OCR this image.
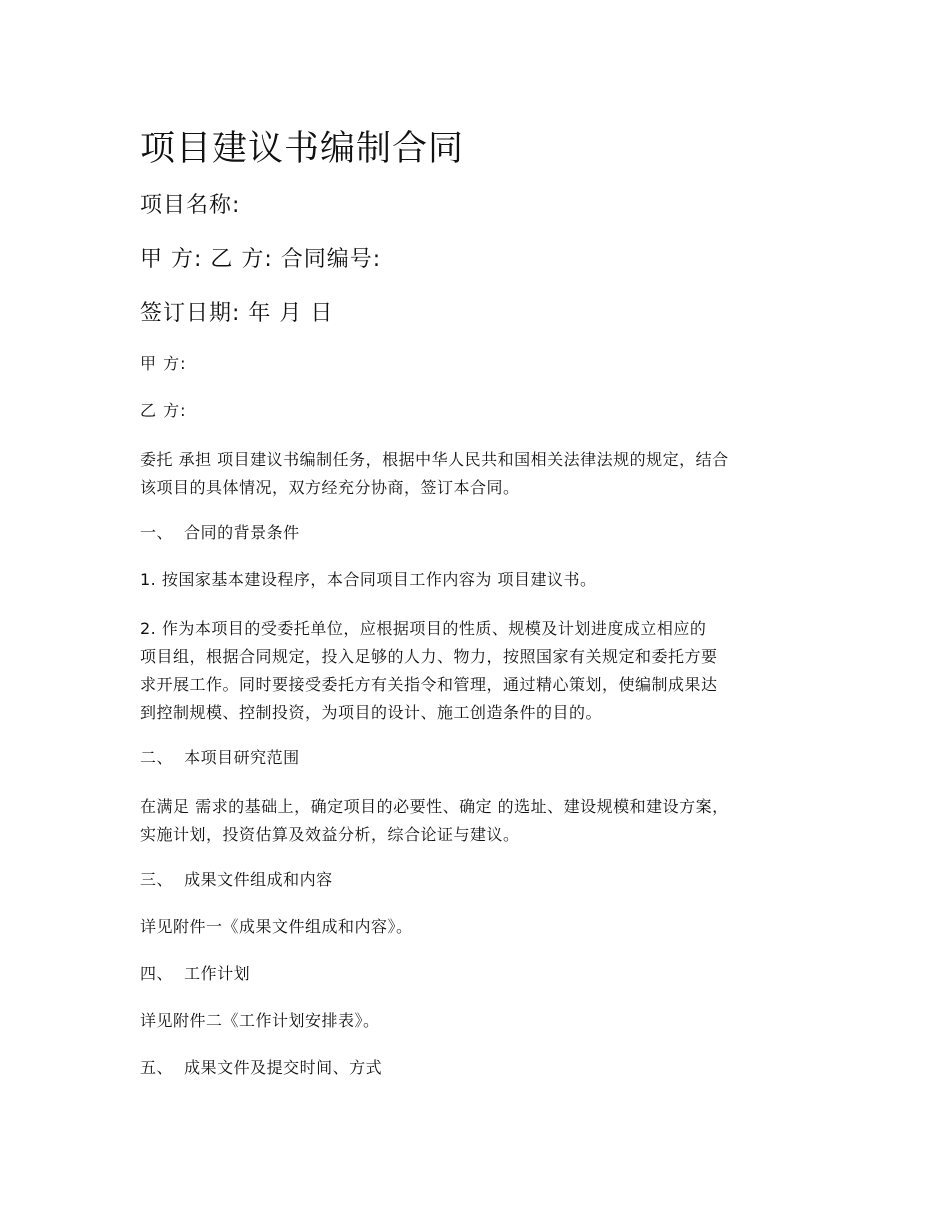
项目建议书编制合同
项目名称:
甲 方: 乙 方: 合同编号:
签订日期: 年 月 日
甲 方:
乙 方:
委托 承担 项目建议书编制任务，根据中华人民共和国相关法律法规的规定，结合
该项目的具体情况，双方经充分协商，签订本合同。
一、  合同的背景条件
1. 按国家基本建设程序，本合同项目工作内容为 项目建议书。
2. 作为本项目的受委托单位，应根据项目的性质、规模及计划进度成立相应的
项目组，根据合同规定，投入足够的人力、物力，按照国家有关规定和委托方要
求开展工作。同时要接受委托方有关指令和管理，通过精心策划，使编制成果达
到控制规模、控制投资，为项目的设计、施工创造条件的目的。
二、  本项目研究范围
在满足 需求的基础上，确定项目的必要性、确定 的选址、建设规模和建设方案，
实施计划，投资估算及效益分析，综合论证与建议。
三、  成果文件组成和内容
详见附件一《成果文件组成和内容》。
四、  工作计划
详见附件二《工作计划安排表》。
五、  成果文件及提交时间、方式
